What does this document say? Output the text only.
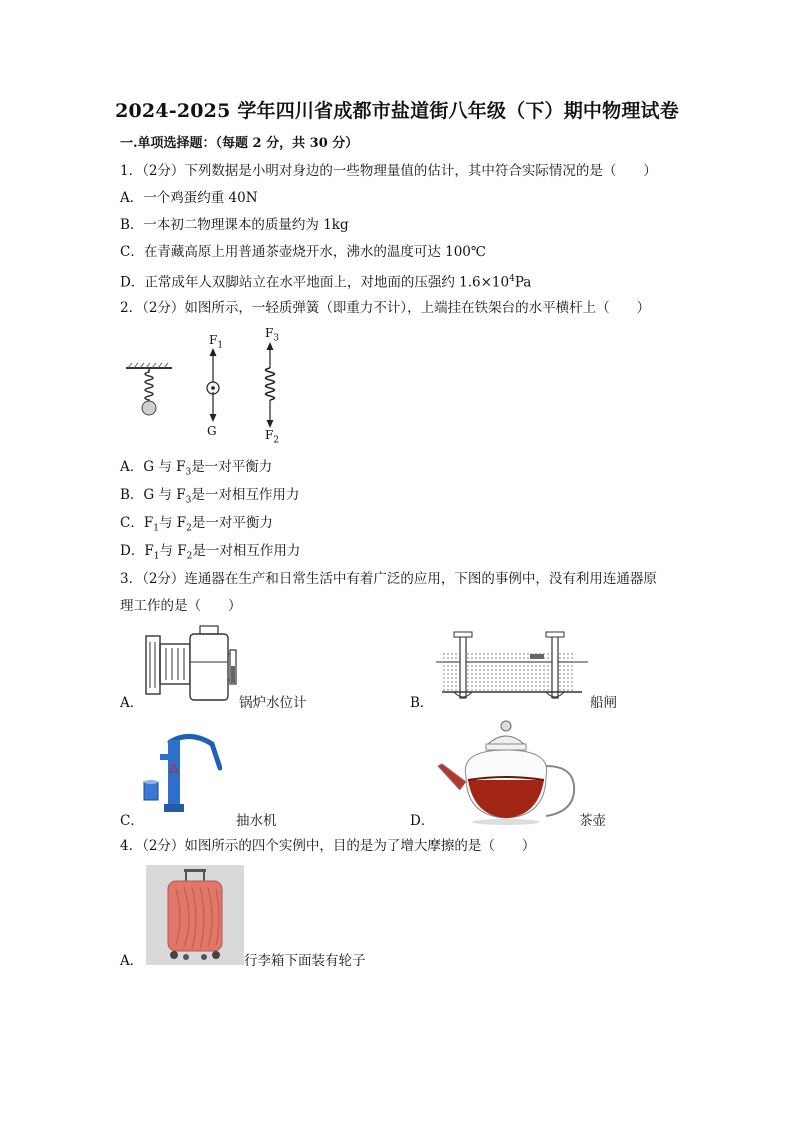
2024-2025 学年四川省成都市盐道街八年级（下）期中物理试卷
一.单项选择题：（每题 2 分，共 30 分）
1．（2分）下列数据是小明对身边的一些物理量值的估计，其中符合实际情况的是（　　）
A．一个鸡蛋约重 40N
B．一本初二物理课本的质量约为 1kg
C．在青藏高原上用普通茶壶烧开水，沸水的温度可达 100℃
D．正常成年人双脚站立在水平地面上，对地面的压强约 $1.6\times 10^4Pa$
2．（2分）如图所示，一轻质弹簧（即重力不计），上端挂在铁架台的水平横杆上（　　）
$F_1$
G
$F_3$
$F_2$
A．G 与 $F_3$是一对平衡力
B．G 与 $F_3$是一对相互作用力
C．$F_1$与 $F_2$是一对平衡力
D．$F_1$与 $F_2$是一对相互作用力
3．（2分）连通器在生产和日常生活中有着广泛的应用，下图的事例中，没有利用连通器原
理工作的是（　　）
A．	锅炉水位计	B．	船闸
C．	抽水机	D．	茶壶
4．（2分）如图所示的四个实例中，目的是为了增大摩擦的是（　　）
A．	行李箱下面装有轮子
